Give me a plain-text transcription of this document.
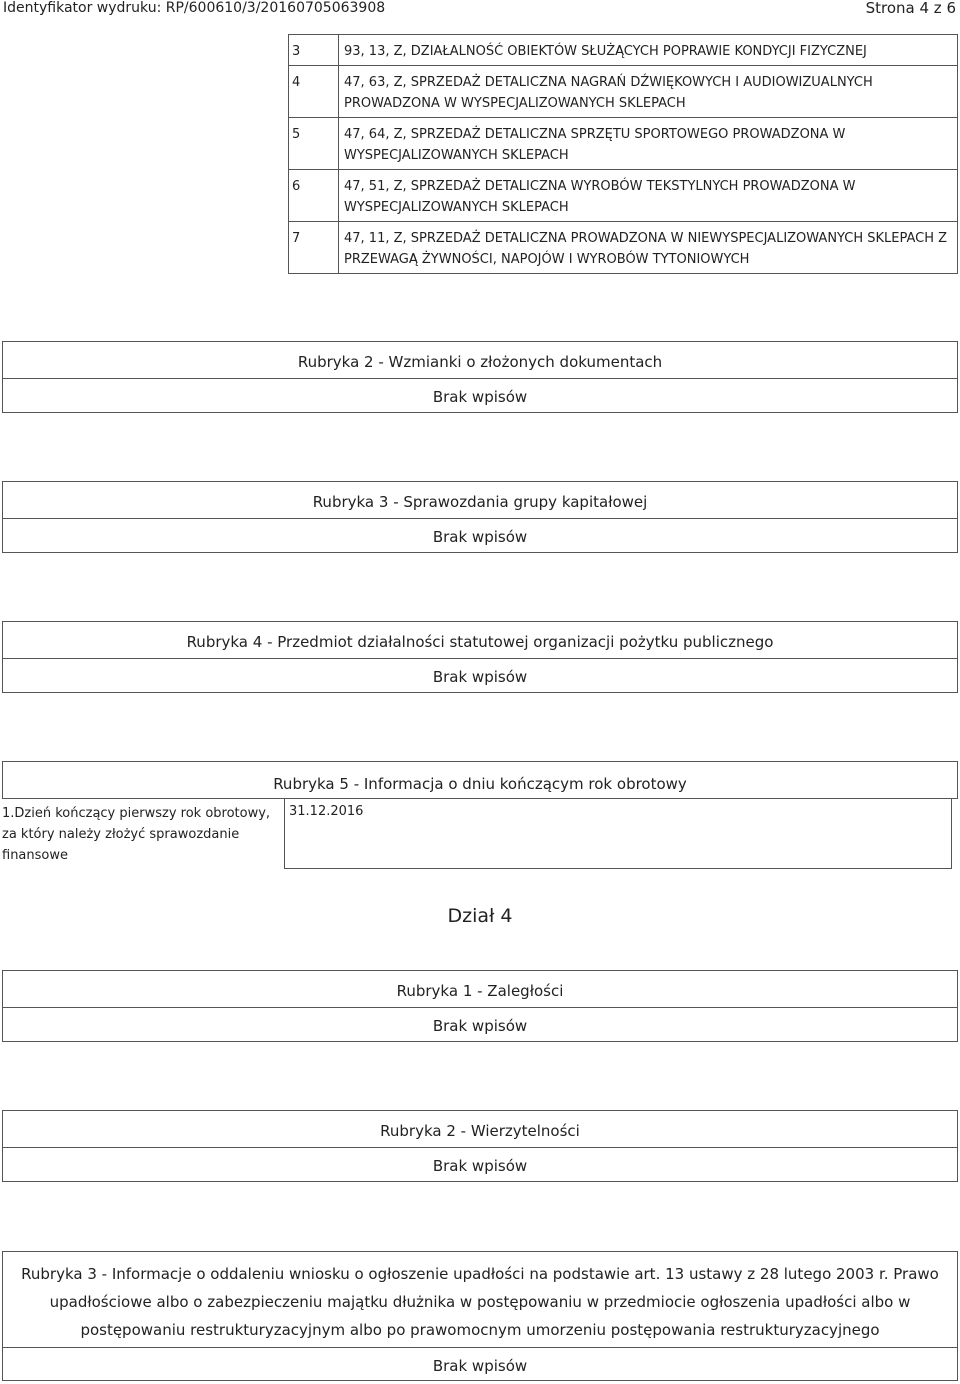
Identyfikator wydruku: RP/600610/3/20160705063908	Strona 4 z 6
3	93, 13, Z, DZIAŁALNOŚĆ OBIEKTÓW SŁUŻĄCYCH POPRAWIE KONDYCJI FIZYCZNEJ
4	47, 63, Z, SPRZEDAŻ DETALICZNA NAGRAŃ DŹWIĘKOWYCH I AUDIOWIZUALNYCH PROWADZONA W WYSPECJALIZOWANYCH SKLEPACH
5	47, 64, Z, SPRZEDAŻ DETALICZNA SPRZĘTU SPORTOWEGO PROWADZONA W WYSPECJALIZOWANYCH SKLEPACH
6	47, 51, Z, SPRZEDAŻ DETALICZNA WYROBÓW TEKSTYLNYCH PROWADZONA W WYSPECJALIZOWANYCH SKLEPACH
7	47, 11, Z, SPRZEDAŻ DETALICZNA PROWADZONA W NIEWYSPECJALIZOWANYCH SKLEPACH Z PRZEWAGĄ ŻYWNOŚCI, NAPOJÓW I WYROBÓW TYTONIOWYCH
Rubryka 2 - Wzmianki o złożonych dokumentach
Brak wpisów
Rubryka 3 - Sprawozdania grupy kapitałowej
Brak wpisów
Rubryka 4 - Przedmiot działalności statutowej organizacji pożytku publicznego
Brak wpisów
Rubryka 5 - Informacja o dniu kończącym rok obrotowy
1.Dzień kończący pierwszy rok obrotowy, za który należy złożyć sprawozdanie finansowe
31.12.2016
Dział 4
Rubryka 1 - Zaległości
Brak wpisów
Rubryka 2 - Wierzytelności
Brak wpisów
Rubryka 3 - Informacje o oddaleniu wniosku o ogłoszenie upadłości na podstawie art. 13 ustawy z 28 lutego 2003 r. Prawo upadłościowe albo o zabezpieczeniu majątku dłużnika w postępowaniu w przedmiocie ogłoszenia upadłości albo w postępowaniu restrukturyzacyjnym albo po prawomocnym umorzeniu postępowania restrukturyzacyjnego
Brak wpisów
